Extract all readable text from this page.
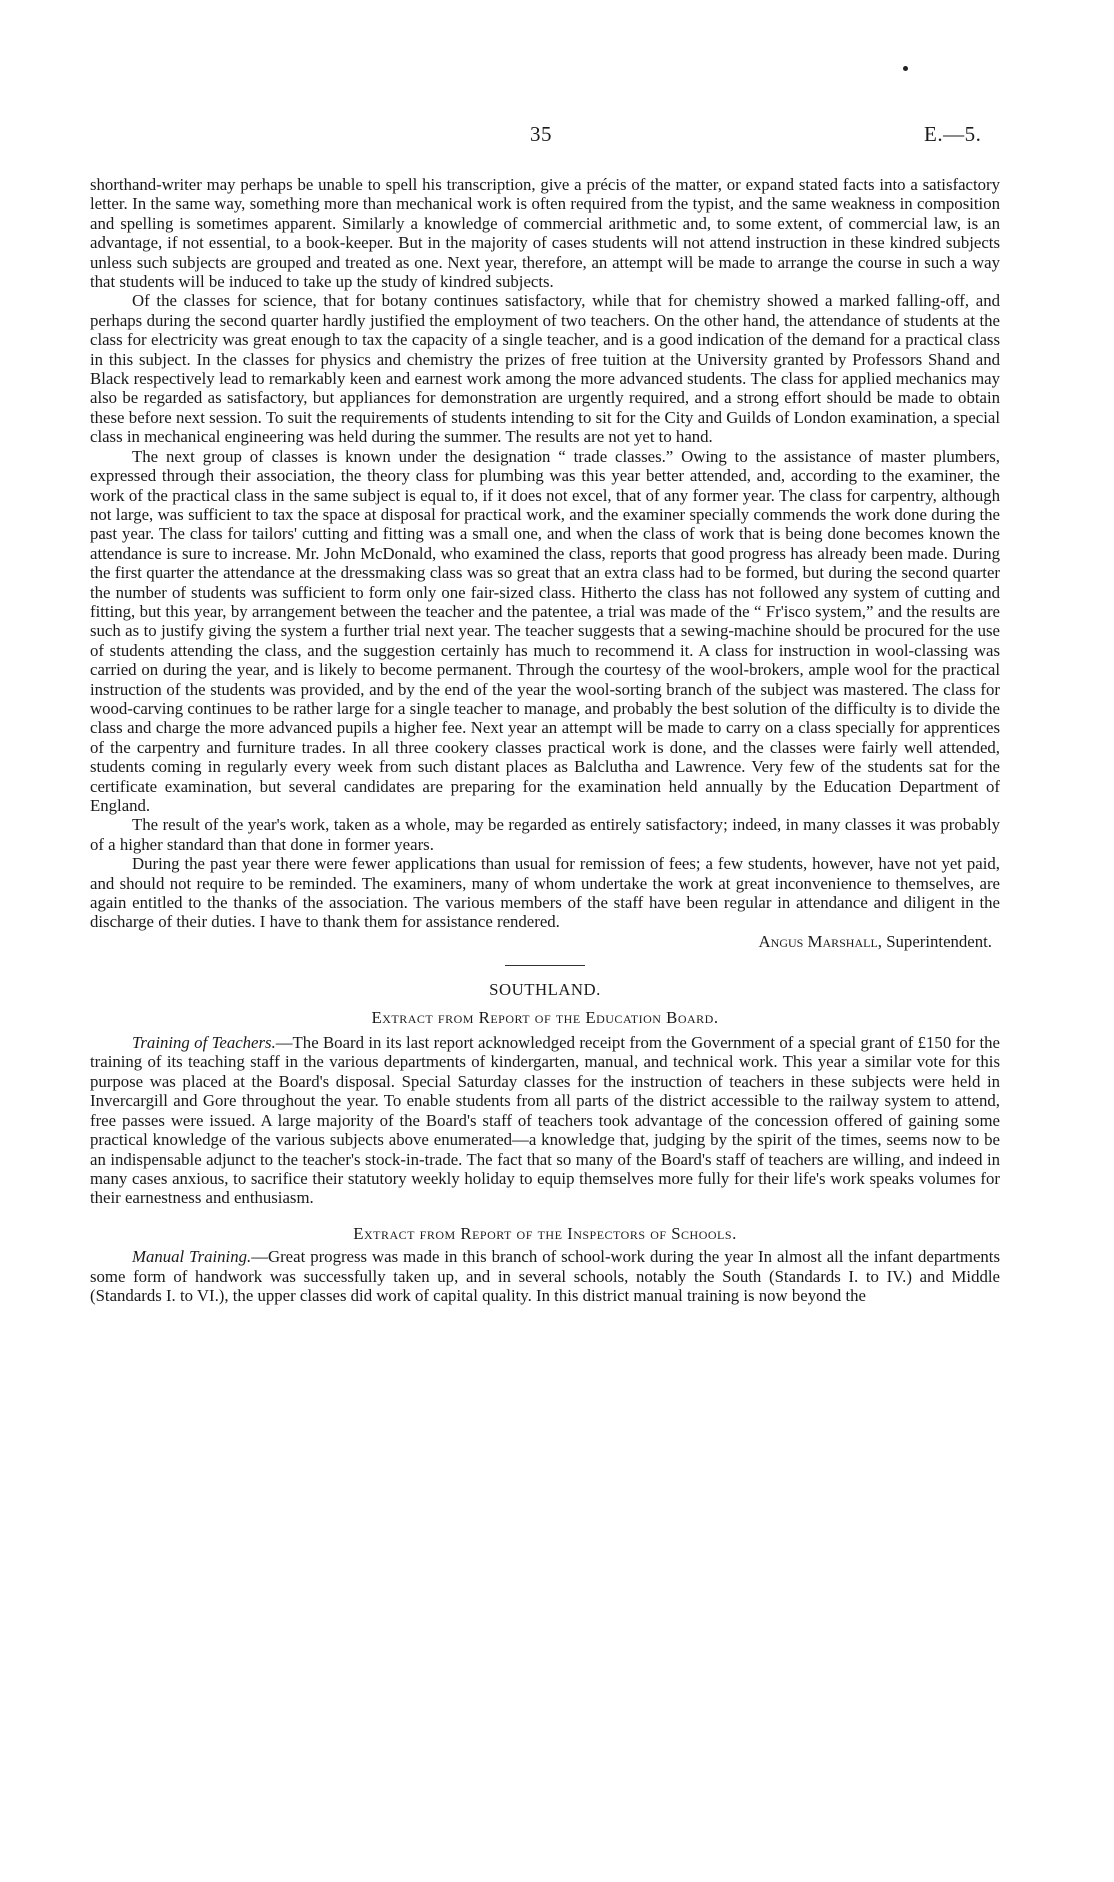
35	E.—5.

shorthand-writer may perhaps be unable to spell his transcription, give a précis of the matter, or expand stated facts into a satisfactory letter. In the same way, something more than mechanical work is often required from the typist, and the same weakness in composition and spelling is sometimes apparent. Similarly a knowledge of commercial arithmetic and, to some extent, of commercial law, is an advantage, if not essential, to a book-keeper. But in the majority of cases students will not attend instruction in these kindred subjects unless such subjects are grouped and treated as one. Next year, therefore, an attempt will be made to arrange the course in such a way that students will be induced to take up the study of kindred subjects.

Of the classes for science, that for botany continues satisfactory, while that for chemistry showed a marked falling-off, and perhaps during the second quarter hardly justified the employment of two teachers. On the other hand, the attendance of students at the class for electricity was great enough to tax the capacity of a single teacher, and is a good indication of the demand for a practical class in this subject. In the classes for physics and chemistry the prizes of free tuition at the University granted by Professors Shand and Black respectively lead to remarkably keen and earnest work among the more advanced students. The class for applied mechanics may also be regarded as satisfactory, but appliances for demonstration are urgently required, and a strong effort should be made to obtain these before next session. To suit the requirements of students intending to sit for the City and Guilds of London examination, a special class in mechanical engineering was held during the summer. The results are not yet to hand.

The next group of classes is known under the designation “ trade classes.” Owing to the assistance of master plumbers, expressed through their association, the theory class for plumbing was this year better attended, and, according to the examiner, the work of the practical class in the same subject is equal to, if it does not excel, that of any former year. The class for carpentry, although not large, was sufficient to tax the space at disposal for practical work, and the examiner specially commends the work done during the past year. The class for tailors' cutting and fitting was a small one, and when the class of work that is being done becomes known the attendance is sure to increase. Mr. John McDonald, who examined the class, reports that good progress has already been made. During the first quarter the attendance at the dressmaking class was so great that an extra class had to be formed, but during the second quarter the number of students was sufficient to form only one fair-sized class. Hitherto the class has not followed any system of cutting and fitting, but this year, by arrangement between the teacher and the patentee, a trial was made of the “ Fr'isco system,” and the results are such as to justify giving the system a further trial next year. The teacher suggests that a sewing-machine should be procured for the use of students attending the class, and the suggestion certainly has much to recommend it. A class for instruction in wool-classing was carried on during the year, and is likely to become permanent. Through the courtesy of the wool-brokers, ample wool for the practical instruction of the students was provided, and by the end of the year the wool-sorting branch of the subject was mastered. The class for wood-carving continues to be rather large for a single teacher to manage, and probably the best solution of the difficulty is to divide the class and charge the more advanced pupils a higher fee. Next year an attempt will be made to carry on a class specially for apprentices of the carpentry and furniture trades. In all three cookery classes practical work is done, and the classes were fairly well attended, students coming in regularly every week from such distant places as Balclutha and Lawrence. Very few of the students sat for the certificate examination, but several candidates are preparing for the examination held annually by the Education Department of England.

The result of the year's work, taken as a whole, may be regarded as entirely satisfactory; indeed, in many classes it was probably of a higher standard than that done in former years.

During the past year there were fewer applications than usual for remission of fees; a few students, however, have not yet paid, and should not require to be reminded. The examiners, many of whom undertake the work at great inconvenience to themselves, are again entitled to the thanks of the association. The various members of the staff have been regular in attendance and diligent in the discharge of their duties. I have to thank them for assistance rendered.

Angus Marshall, Superintendent.

SOUTHLAND.
Extract from Report of the Education Board.

Training of Teachers.—The Board in its last report acknowledged receipt from the Government of a special grant of £150 for the training of its teaching staff in the various departments of kindergarten, manual, and technical work. This year a similar vote for this purpose was placed at the Board's disposal. Special Saturday classes for the instruction of teachers in these subjects were held in Invercargill and Gore throughout the year. To enable students from all parts of the district accessible to the railway system to attend, free passes were issued. A large majority of the Board's staff of teachers took advantage of the concession offered of gaining some practical knowledge of the various subjects above enumerated—a knowledge that, judging by the spirit of the times, seems now to be an indispensable adjunct to the teacher's stock-in-trade. The fact that so many of the Board's staff of teachers are willing, and indeed in many cases anxious, to sacrifice their statutory weekly holiday to equip themselves more fully for their life's work speaks volumes for their earnestness and enthusiasm.

Extract from Report of the Inspectors of Schools.

Manual Training.—Great progress was made in this branch of school-work during the year In almost all the infant departments some form of handwork was successfully taken up, and in several schools, notably the South (Standards I. to IV.) and Middle (Standards I. to VI.), the upper classes did work of capital quality. In this district manual training is now beyond the
